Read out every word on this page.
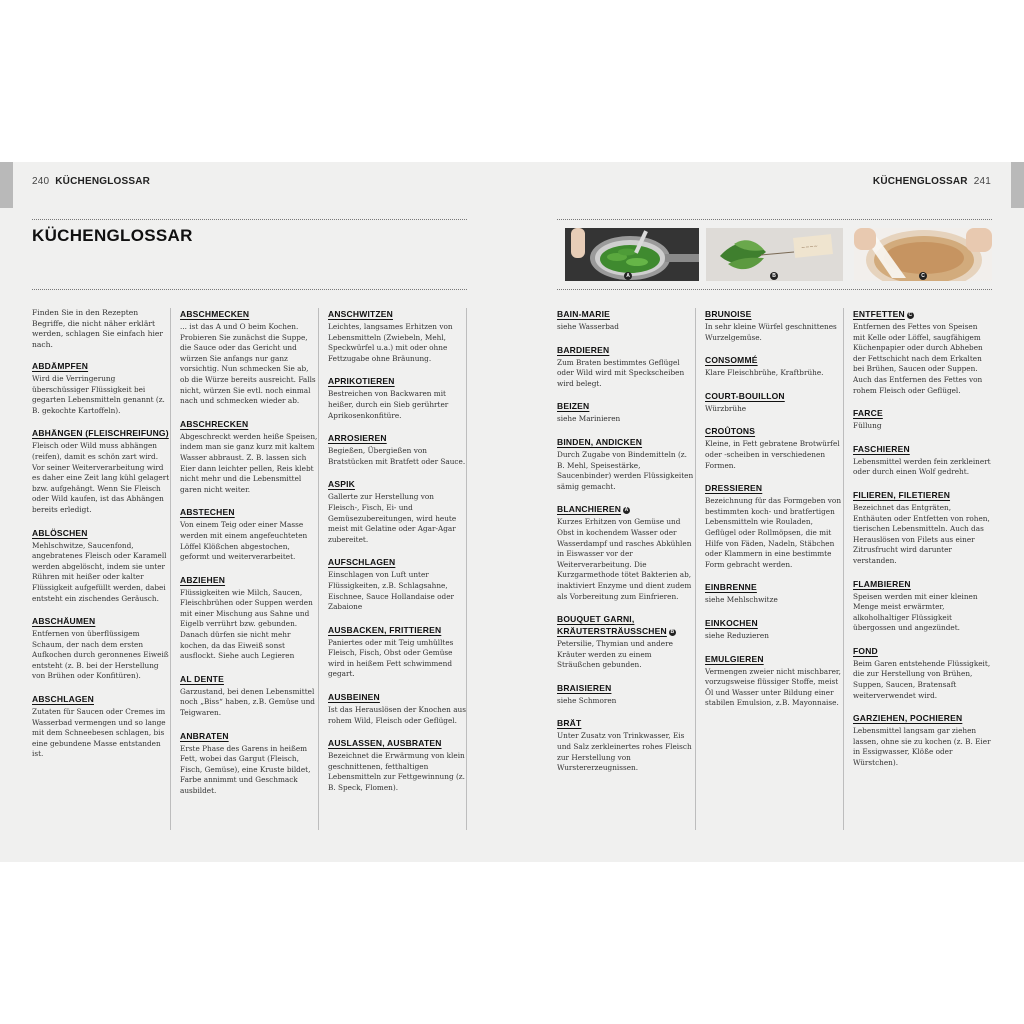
240 KÜCHENGLOSSAR	KÜCHENGLOSSAR 241
KÜCHENGLOSSAR
A
~~~~
B	C

Finden Sie in den Rezepten Begriffe, die nicht näher erklärt werden, schlagen Sie einfach hier nach.

ABDÄMPFEN

Wird die Verringerung überschüssiger Flüssigkeit bei gegarten Lebensmitteln genannt (z. B. gekochte Kartoffeln).

ABHÄNGEN (FLEISCHREIFUNG)

Fleisch oder Wild muss abhängen (reifen), damit es schön zart wird. Vor seiner Weiterverarbeitung wird es daher eine Zeit lang kühl gelagert bzw. aufgehängt. Wenn Sie Fleisch oder Wild kaufen, ist das Abhängen bereits erledigt.

ABLÖSCHEN

Mehlschwitze, Saucenfond, angebratenes Fleisch oder Karamell werden abgelöscht, indem sie unter Rühren mit heißer oder kalter Flüssigkeit aufgefüllt werden, dabei entsteht ein zischendes Geräusch.

ABSCHÄUMEN

Entfernen von überflüssigem Schaum, der nach dem ersten Aufkochen durch geronnenes Eiweiß entsteht (z. B. bei der Herstellung von Brühen oder Konfitüren).

ABSCHLAGEN

Zutaten für Saucen oder Cremes im Wasserbad vermengen und so lange mit dem Schneebesen schlagen, bis eine gebundene Masse entstanden ist.

ABSCHMECKEN

... ist das A und O beim Kochen. Probieren Sie zunächst die Suppe, die Sauce oder das Gericht und würzen Sie anfangs nur ganz vorsichtig. Nun schmecken Sie ab, ob die Würze bereits ausreicht. Falls nicht, würzen Sie evtl. noch einmal nach und schmecken wieder ab.

ABSCHRECKEN

Abgeschreckt werden heiße Speisen, indem man sie ganz kurz mit kaltem Wasser abbraust. Z. B. lassen sich Eier dann leichter pellen, Reis klebt nicht mehr und die Lebensmittel garen nicht weiter.

ABSTECHEN

Von einem Teig oder einer Masse werden mit einem angefeuchteten Löffel Klößchen abgestochen, geformt und weiterverarbeitet.

ABZIEHEN

Flüssigkeiten wie Milch, Saucen, Fleischbrühen oder Suppen werden mit einer Mischung aus Sahne und Eigelb verrührt bzw. gebunden. Danach dürfen sie nicht mehr kochen, da das Eiweiß sonst ausflockt. Siehe auch Legieren

AL DENTE

Garzustand, bei denen Lebensmittel noch „Biss“ haben, z.B. Gemüse und Teigwaren.

ANBRATEN

Erste Phase des Garens in heißem Fett, wobei das Gargut (Fleisch, Fisch, Gemüse), eine Kruste bildet, Farbe annimmt und Geschmack ausbildet.

ANSCHWITZEN

Leichtes, langsames Erhitzen von Lebensmitteln (Zwiebeln, Mehl, Speckwürfel u.a.) mit oder ohne Fettzugabe ohne Bräunung.

APRIKOTIEREN

Bestreichen von Backwaren mit heißer, durch ein Sieb gerührter Aprikosenkonfitüre.

ARROSIEREN

Begießen, Übergießen von Bratstücken mit Bratfett oder Sauce.

ASPIK

Gallerte zur Herstellung von Fleisch-, Fisch, Ei- und Gemüsezubereitungen, wird heute meist mit Gelatine oder Agar-Agar zubereitet.

AUFSCHLAGEN

Einschlagen von Luft unter Flüssigkeiten, z.B. Schlagsahne, Eischnee, Sauce Hollandaise oder Zabaione

AUSBACKEN, FRITTIEREN

Paniertes oder mit Teig umhülltes Fleisch, Fisch, Obst oder Gemüse wird in heißem Fett schwimmend gegart.

AUSBEINEN

Ist das Herauslösen der Knochen aus rohem Wild, Fleisch oder Geflügel.

AUSLASSEN, AUSBRATEN

Bezeichnet die Erwärmung von klein geschnittenen, fetthaltigen Lebensmitteln zur Fettgewinnung (z. B. Speck, Flomen).

BAIN-MARIE

siehe Wasserbad

BARDIEREN

Zum Braten bestimmtes Geflügel oder Wild wird mit Speckscheiben wird belegt.

BEIZEN

siehe Marinieren

BINDEN, ANDICKEN

Durch Zugabe von Bindemitteln (z. B. Mehl, Speisestärke, Saucenbinder) werden Flüssigkeiten sämig gemacht.

BLANCHIEREN A

Kurzes Erhitzen von Gemüse und Obst in kochendem Wasser oder Wasserdampf und rasches Abkühlen in Eiswasser vor der Weiterverarbeitung. Die Kurzgarmethode tötet Bakterien ab, inaktiviert Enzyme und dient zudem als Vorbereitung zum Einfrieren.

BOUQUET GARNI, KRÄUTERSTRÄUSSCHEN B

Petersilie, Thymian und andere Kräuter werden zu einem Sträußchen gebunden.

BRAISIEREN

siehe Schmoren

BRÄT

Unter Zusatz von Trinkwasser, Eis und Salz zerkleinertes rohes Fleisch zur Herstellung von Wurstererzeugnissen.

BRUNOISE

In sehr kleine Würfel geschnittenes Wurzelgemüse.

CONSOMMÉ

Klare Fleischbrühe, Kraftbrühe.

COURT-BOUILLON

Würzbrühe

CROÛTONS

Kleine, in Fett gebratene Brotwürfel oder -scheiben in verschiedenen Formen.

DRESSIEREN

Bezeichnung für das Formgeben von bestimmten koch- und bratfertigen Lebensmitteln wie Rouladen, Geflügel oder Rollmöpsen, die mit Hilfe von Fäden, Nadeln, Stäbchen oder Klammern in eine bestimmte Form gebracht werden.

EINBRENNE

siehe Mehlschwitze

EINKOCHEN

siehe Reduzieren

EMULGIEREN

Vermengen zweier nicht mischbarer, vorzugsweise flüssiger Stoffe, meist Öl und Wasser unter Bildung einer stabilen Emulsion, z.B. Mayonnaise.

ENTFETTEN C

Entfernen des Fettes von Speisen mit Kelle oder Löffel, saugfähigem Küchenpapier oder durch Abheben der Fettschicht nach dem Erkalten bei Brühen, Saucen oder Suppen. Auch das Entfernen des Fettes von rohem Fleisch oder Geflügel.

FARCE

Füllung

FASCHIEREN

Lebensmittel werden fein zerkleinert oder durch einen Wolf gedreht.

FILIEREN, FILETIEREN

Bezeichnet das Entgräten, Enthäuten oder Entfetten von rohen, tierischen Lebensmitteln. Auch das Herauslösen von Filets aus einer Zitrusfrucht wird darunter verstanden.

FLAMBIEREN

Speisen werden mit einer kleinen Menge meist erwärmter, alkoholhaltiger Flüssigkeit übergossen und angezündet.

FOND

Beim Garen entstehende Flüssigkeit, die zur Herstellung von Brühen, Suppen, Saucen, Bratensaft weiterverwendet wird.

GARZIEHEN, POCHIEREN

Lebensmittel langsam gar ziehen lassen, ohne sie zu kochen (z. B. Eier in Essigwasser, Klöße oder Würstchen).
